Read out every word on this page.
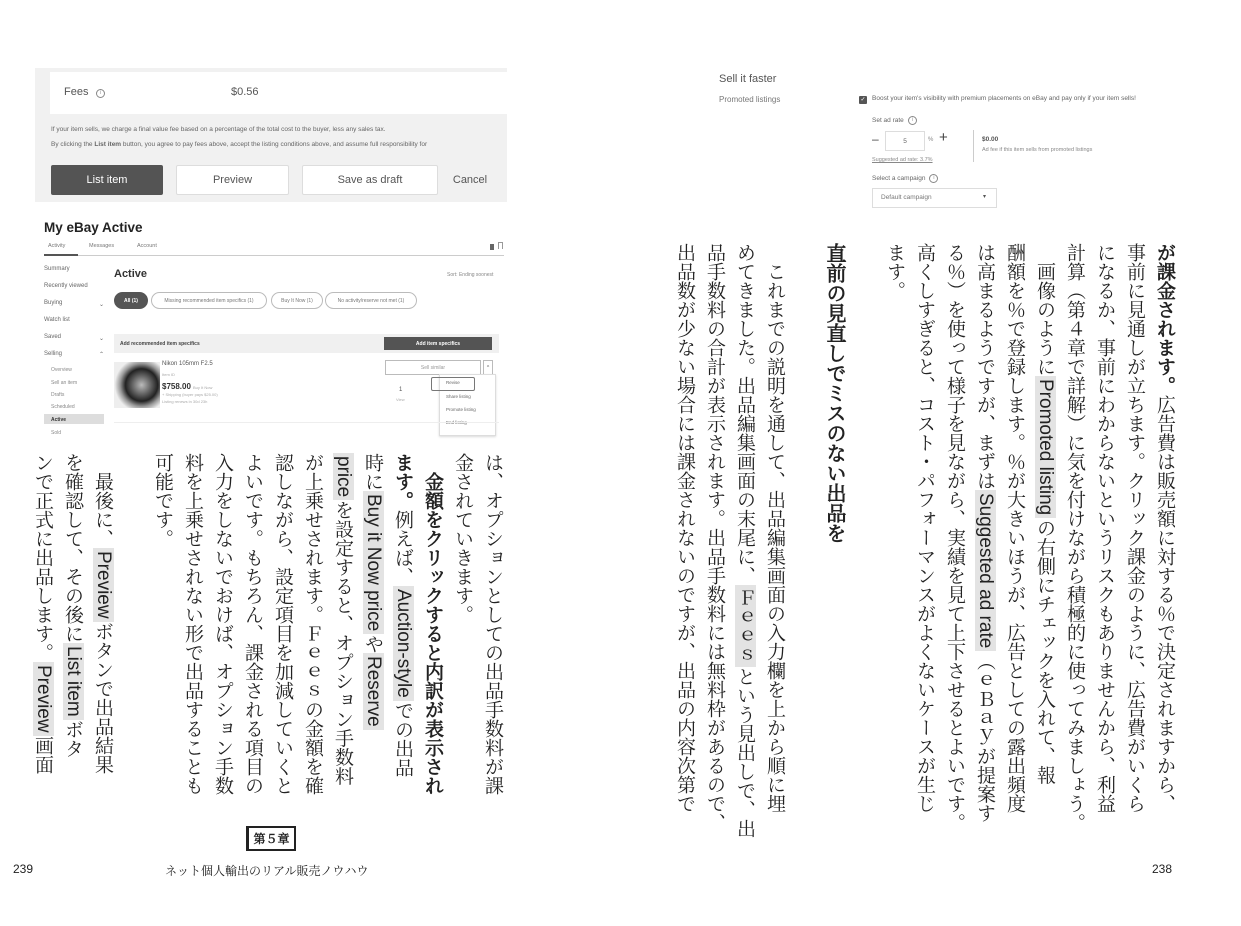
Fees	i	$0.56
If your item sells, we charge a final value fee based on a percentage of the total cost to the buyer, less any sales tax.
By clicking the List item button, you agree to pay fees above, accept the listing conditions above, and assume full responsibility for
List item	Preview	Save as draft	Cancel
My eBay Active
Activity	Messages	Account
Summary
Recently viewed
Buying	⌄
Watch list
Saved	⌄
Selling	⌃
Overview
Sell an item
Drafts
Scheduled
Active
Sold
Active	Sort: Ending soonest
All (1)	Missing recommended item specifics (1)	Buy It Now (1)	No activity/reserve not met (1)
Add recommended item specifics	Add item specifics
Nikon 105mm F2.5
Item ID
$758.00 Buy It Now
+ Shipping (buyer pays $25.00)
Listing renews in 30d 23h
1
View
Sell similar	^
Revise
Share listing
Promote listing
End listing
Sell it faster
Promoted listings	✓ Boost your item's visibility with premium placements on eBay and pay only if your item sells!
Set ad rate i
–	5	% +	$0.00
Ad fee if this item sells from promoted listings
Suggested ad rate: 3.7%
Select a campaign i
Default campaign	▾
は、オプションとしての出品手数料が課
金されていきます。
　金額をクリックすると内訳が表示され
ます。例えば、Auction-styleでの出品
時にBuy it Now priceやReserve
priceを設定すると、オプション手数料
が上乗せされます。Ｆｅｅｓの金額を確
認しながら、設定項目を加減していくと
よいです。もちろん、課金される項目の
入力をしないでおけば、オプション手数
料を上乗せされない形で出品することも
可能です。

　最後に、Previewボタンで出品結果
を確認して、その後にList itemボタ
ンで正式に出品します。Preview画面
が課金されます。広告費は販売額に対する％で決定されますから、
事前に見通しが立ちます。クリック課金のように、広告費がいくら
になるか、事前にわからないというリスクもありませんから、利益
計算（第４章で詳解）に気を付けながら積極的に使ってみましょう。
　画像のようにPromoted listingの右側にチェックを入れて、報
酬額を％で登録します。％が大きいほうが、広告としての露出頻度
は高まるようですが、まずはSuggested ad rate（ｅＢａｙが提案す
る％）を使って様子を見ながら、実績を見て上下させるとよいです。
高くしすぎると、コスト・パフォーマンスがよくないケースが生じ
ます。

直前の見直しでミスのない出品を

　これまでの説明を通して、出品編集画面の入力欄を上から順に埋
めてきました。出品編集画面の末尾に、Ｆｅｅｓという見出しで、出
品手数料の合計が表示されます。出品手数料には無料枠があるので、
出品数が少ない場合には課金されないのですが、出品の内容次第で
239
第５章
ネット個人輸出のリアル販売ノウハウ	238
